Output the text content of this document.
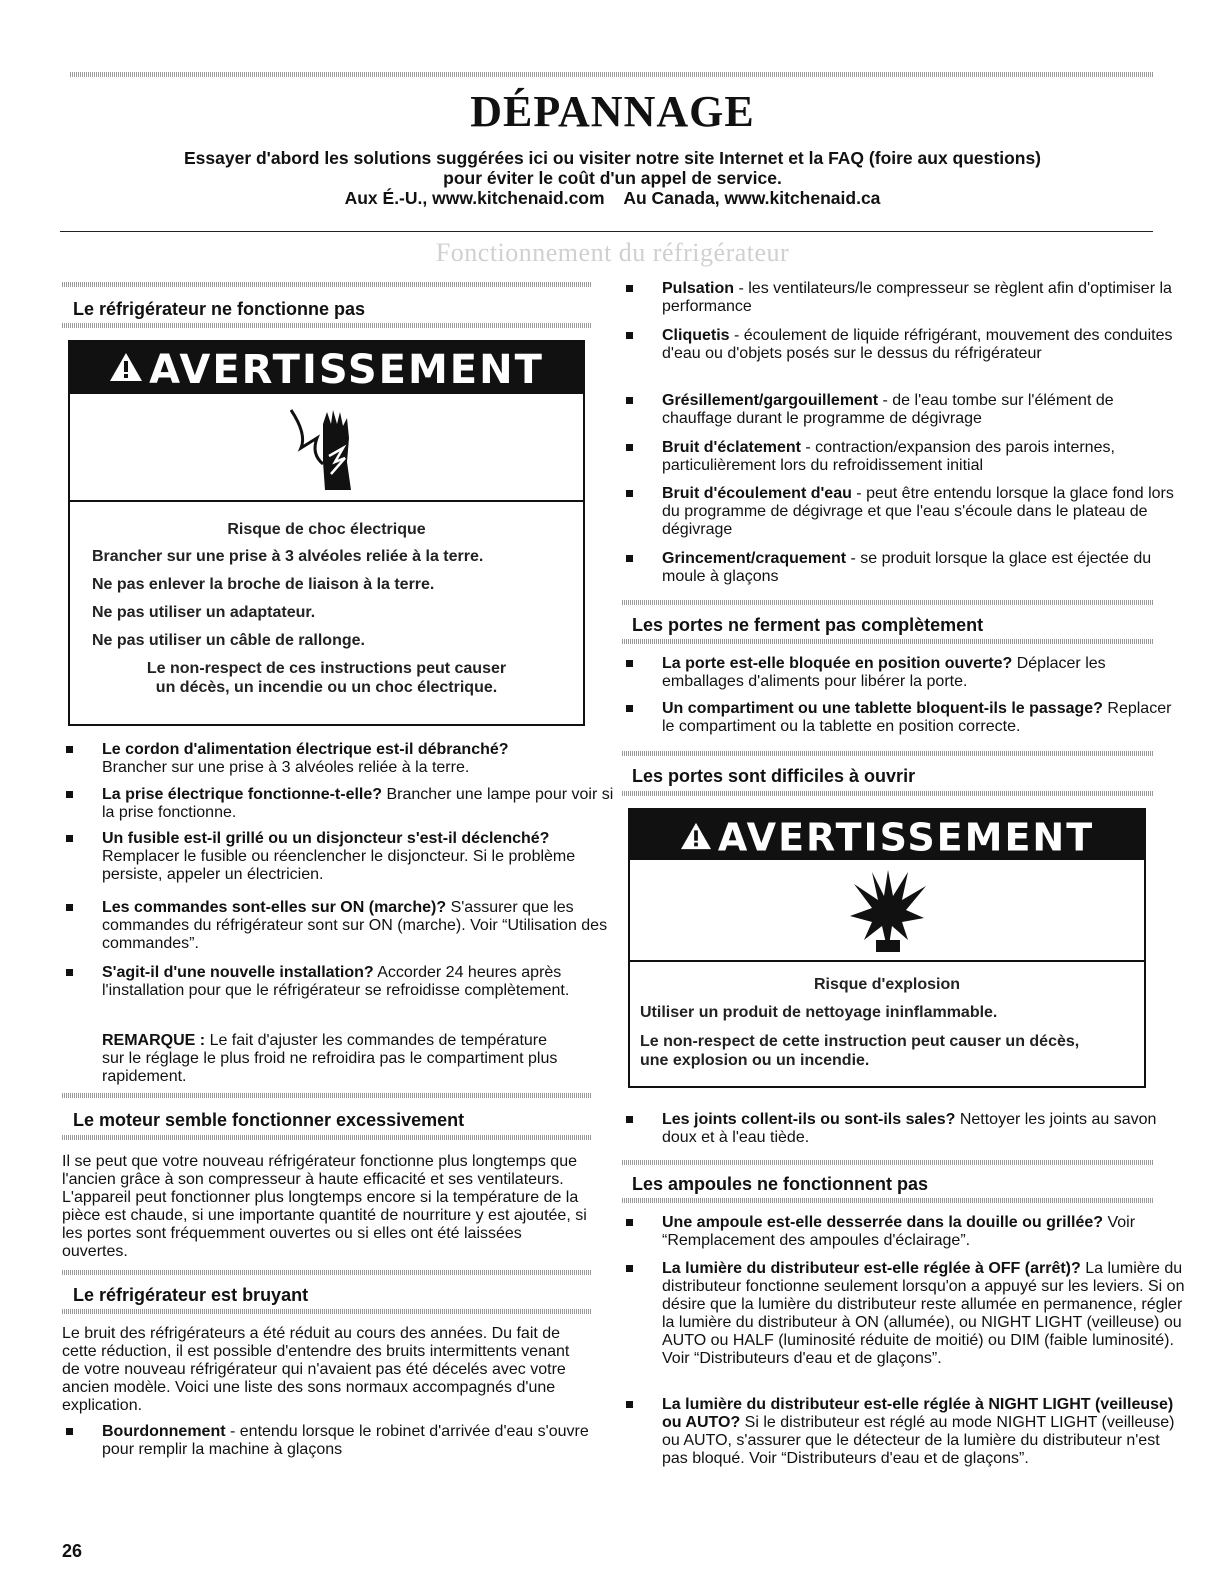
DÉPANNAGE
Essayer d'abord les solutions suggérées ici ou visiter notre site Internet et la FAQ (foire aux questions)
pour éviter le coût d'un appel de service.
Aux É.-U., www.kitchenaid.com    Au Canada, www.kitchenaid.ca
Fonctionnement du réfrigérateur
Le réfrigérateur ne fonctionne pas
AVERTISSEMENT
Risque de choc électrique
Brancher sur une prise à 3 alvéoles reliée à la terre.
Ne pas enlever la broche de liaison à la terre.
Ne pas utiliser un adaptateur.
Ne pas utiliser un câble de rallonge.
Le non-respect de ces instructions peut causer
un décès, un incendie ou un choc électrique.
Le cordon d'alimentation électrique est-il débranché?
Brancher sur une prise à 3 alvéoles reliée à la terre.
La prise électrique fonctionne-t-elle? Brancher une lampe pour voir si la prise fonctionne.
Un fusible est-il grillé ou un disjoncteur s'est-il déclenché? Remplacer le fusible ou réenclencher le disjoncteur. Si le problème persiste, appeler un électricien.
Les commandes sont-elles sur ON (marche)? S'assurer que les commandes du réfrigérateur sont sur ON (marche). Voir “Utilisation des commandes”.
S'agit-il d'une nouvelle installation? Accorder 24 heures après l'installation pour que le réfrigérateur se refroidisse complètement.
REMARQUE : Le fait d'ajuster les commandes de température sur le réglage le plus froid ne refroidira pas le compartiment plus rapidement.
Le moteur semble fonctionner excessivement
Il se peut que votre nouveau réfrigérateur fonctionne plus longtemps que l'ancien grâce à son compresseur à haute efficacité et ses ventilateurs. L'appareil peut fonctionner plus longtemps encore si la température de la pièce est chaude, si une importante quantité de nourriture y est ajoutée, si les portes sont fréquemment ouvertes ou si elles ont été laissées ouvertes.
Le réfrigérateur est bruyant
Le bruit des réfrigérateurs a été réduit au cours des années. Du fait de cette réduction, il est possible d'entendre des bruits intermittents venant de votre nouveau réfrigérateur qui n'avaient pas été décelés avec votre ancien modèle. Voici une liste des sons normaux accompagnés d'une explication.
Bourdonnement - entendu lorsque le robinet d'arrivée d'eau s'ouvre pour remplir la machine à glaçons
26
Pulsation - les ventilateurs/le compresseur se règlent afin d'optimiser la performance
Cliquetis - écoulement de liquide réfrigérant, mouvement des conduites d'eau ou d'objets posés sur le dessus du réfrigérateur
Grésillement/gargouillement - de l'eau tombe sur l'élément de chauffage durant le programme de dégivrage
Bruit d'éclatement - contraction/expansion des parois internes, particulièrement lors du refroidissement initial
Bruit d'écoulement d'eau - peut être entendu lorsque la glace fond lors du programme de dégivrage et que l'eau s'écoule dans le plateau de dégivrage
Grincement/craquement - se produit lorsque la glace est éjectée du moule à glaçons
Les portes ne ferment pas complètement
La porte est-elle bloquée en position ouverte? Déplacer les emballages d'aliments pour libérer la porte.
Un compartiment ou une tablette bloquent-ils le passage? Replacer le compartiment ou la tablette en position correcte.
Les portes sont difficiles à ouvrir
AVERTISSEMENT
Risque d'explosion
Utiliser un produit de nettoyage ininflammable.
Le non-respect de cette instruction peut causer un décès,
une explosion ou un incendie.
Les joints collent-ils ou sont-ils sales? Nettoyer les joints au savon doux et à l'eau tiède.
Les ampoules ne fonctionnent pas
Une ampoule est-elle desserrée dans la douille ou grillée? Voir “Remplacement des ampoules d'éclairage”.
La lumière du distributeur est-elle réglée à OFF (arrêt)? La lumière du distributeur fonctionne seulement lorsqu'on a appuyé sur les leviers. Si on désire que la lumière du distributeur reste allumée en permanence, régler la lumière du distributeur à ON (allumée), ou NIGHT LIGHT (veilleuse) ou AUTO ou HALF (luminosité réduite de moitié) ou DIM (faible luminosité). Voir “Distributeurs d'eau et de glaçons”.
La lumière du distributeur est-elle réglée à NIGHT LIGHT (veilleuse) ou AUTO? Si le distributeur est réglé au mode NIGHT LIGHT (veilleuse) ou AUTO, s'assurer que le détecteur de la lumière du distributeur n'est pas bloqué. Voir “Distributeurs d'eau et de glaçons”.
